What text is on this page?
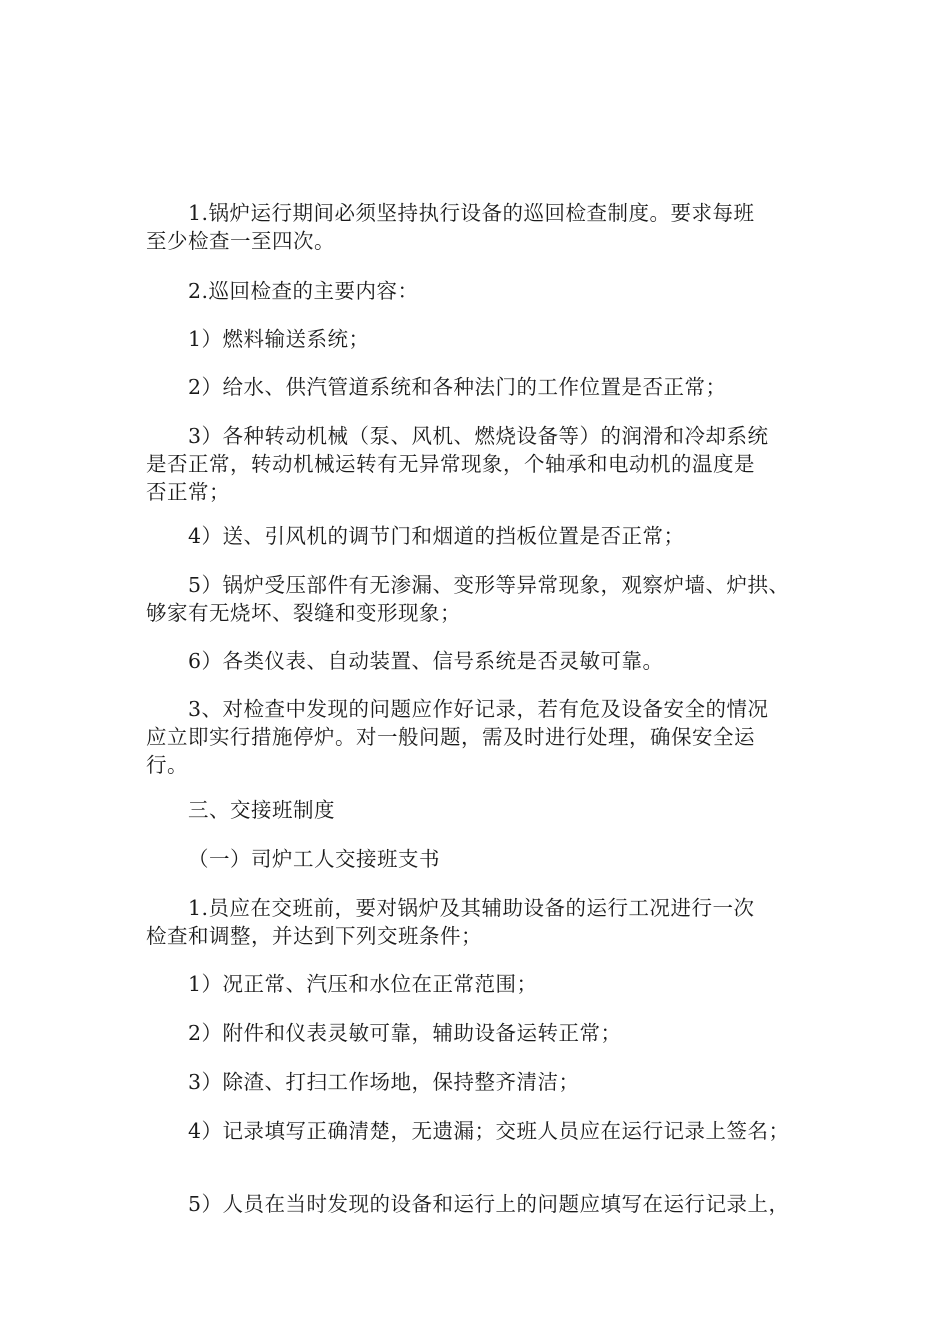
1.锅炉运行期间必须坚持执行设备的巡回检查制度。要求每班
至少检查一至四次。

2.巡回检查的主要内容：

1）燃料输送系统；

2）给水、供汽管道系统和各种法门的工作位置是否正常；

3）各种转动机械（泵、风机、燃烧设备等）的润滑和冷却系统
是否正常，转动机械运转有无异常现象，个轴承和电动机的温度是
否正常；

4）送、引风机的调节门和烟道的挡板位置是否正常；

5）锅炉受压部件有无渗漏、变形等异常现象，观察炉墙、炉拱、
够家有无烧坏、裂缝和变形现象；

6）各类仪表、自动装置、信号系统是否灵敏可靠。

3、对检查中发现的问题应作好记录，若有危及设备安全的情况
应立即实行措施停炉。对一般问题，需及时进行处理，确保安全运
行。

三、交接班制度

（一）司炉工人交接班支书

1.员应在交班前，要对锅炉及其辅助设备的运行工况进行一次
检查和调整，并达到下列交班条件；

1）况正常、汽压和水位在正常范围；

2）附件和仪表灵敏可靠，辅助设备运转正常；

3）除渣、打扫工作场地，保持整齐清洁；

4）记录填写正确清楚，无遗漏；交班人员应在运行记录上签名；

5）人员在当时发现的设备和运行上的问题应填写在运行记录上，
